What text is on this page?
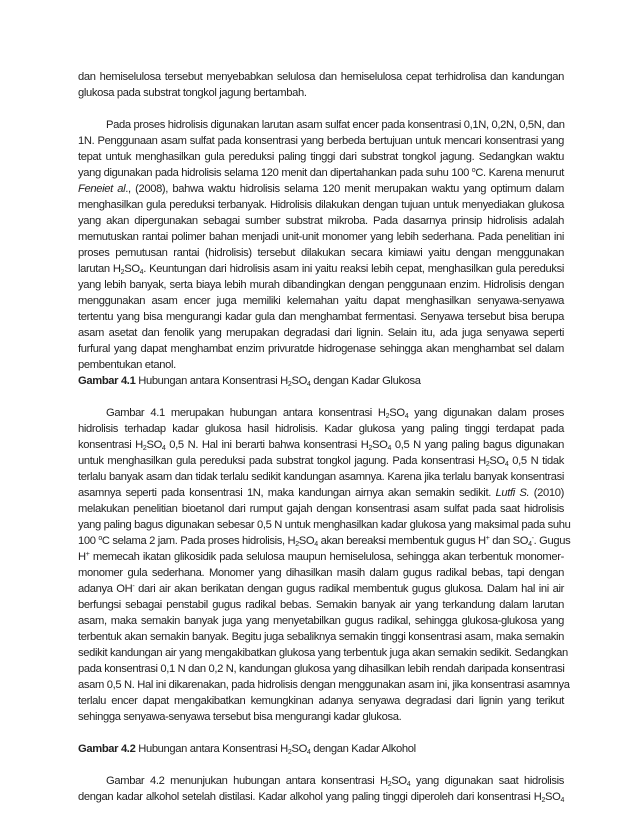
dan hemiselulosa tersebut menyebabkan selulosa dan hemiselulosa cepat terhidrolisa dan kandungan
glukosa pada substrat tongkol jagung bertambah.
Pada proses hidrolisis digunakan larutan asam sulfat encer pada konsentrasi 0,1N, 0,2N, 0,5N, dan
1N. Penggunaan asam sulfat pada konsentrasi yang berbeda bertujuan untuk mencari konsentrasi yang
tepat untuk menghasilkan gula pereduksi paling tinggi dari substrat tongkol jagung. Sedangkan waktu
yang digunakan pada hidrolisis selama 120 menit dan dipertahankan pada suhu 100 $^o$C. Karena menurut
Feneiet al., (2008), bahwa waktu hidrolisis selama 120 menit merupakan waktu yang optimum dalam
menghasilkan gula pereduksi terbanyak. Hidrolisis dilakukan dengan tujuan untuk menyediakan glukosa
yang akan dipergunakan sebagai sumber substrat mikroba. Pada dasarnya prinsip hidrolisis adalah
memutuskan rantai polimer bahan menjadi unit-unit monomer yang lebih sederhana. Pada penelitian ini
proses pemutusan rantai (hidrolisis) tersebut dilakukan secara kimiawi yaitu dengan menggunakan
larutan $H_2SO_4$. Keuntungan dari hidrolisis asam ini yaitu reaksi lebih cepat, menghasilkan gula pereduksi
yang lebih banyak, serta biaya lebih murah dibandingkan dengan penggunaan enzim. Hidrolisis dengan
menggunakan asam encer juga memiliki kelemahan yaitu dapat menghasilkan senyawa-senyawa
tertentu yang bisa mengurangi kadar gula dan menghambat fermentasi. Senyawa tersebut bisa berupa
asam asetat dan fenolik yang merupakan degradasi dari lignin. Selain itu, ada juga senyawa seperti
furfural yang dapat menghambat enzim privuratde hidrogenase sehingga akan menghambat sel dalam
pembentukan etanol.
Gambar 4.1 Hubungan antara Konsentrasi $H_2SO_4$ dengan Kadar Glukosa
Gambar 4.1 merupakan hubungan antara konsentrasi $H_2SO_4$ yang digunakan dalam proses
hidrolisis terhadap kadar glukosa hasil hidrolisis. Kadar glukosa yang paling tinggi terdapat pada
konsentrasi $H_2SO_4$ 0,5 N. Hal ini berarti bahwa konsentrasi $H_2SO_4$ 0,5 N yang paling bagus digunakan
untuk menghasilkan gula pereduksi pada substrat tongkol jagung. Pada konsentrasi $H_2SO_4$ 0,5 N tidak
terlalu banyak asam dan tidak terlalu sedikit kandungan asamnya. Karena jika terlalu banyak konsentrasi
asamnya seperti pada konsentrasi 1N, maka kandungan airnya akan semakin sedikit. Lutfi S. (2010)
melakukan penelitian bioetanol dari rumput gajah dengan konsentrasi asam sulfat pada saat hidrolisis
yang paling bagus digunakan sebesar 0,5 N untuk menghasilkan kadar glukosa yang maksimal pada suhu
100 $^o$C selama 2 jam. Pada proses hidrolisis, $H_2SO_4$ akan bereaksi membentuk gugus H+ dan $SO_4^-$. Gugus
H+ memecah ikatan glikosidik pada selulosa maupun hemiselulosa, sehingga akan terbentuk monomer-
monomer gula sederhana. Monomer yang dihasilkan masih dalam gugus radikal bebas, tapi dengan
adanya OH- dari air akan berikatan dengan gugus radikal membentuk gugus glukosa. Dalam hal ini air
berfungsi sebagai penstabil gugus radikal bebas. Semakin banyak air yang terkandung dalam larutan
asam, maka semakin banyak juga yang menyetabilkan gugus radikal, sehingga glukosa-glukosa yang
terbentuk akan semakin banyak. Begitu juga sebaliknya semakin tinggi konsentrasi asam, maka semakin
sedikit kandungan air yang mengakibatkan glukosa yang terbentuk juga akan semakin sedikit. Sedangkan
pada konsentrasi 0,1 N dan 0,2 N, kandungan glukosa yang dihasilkan lebih rendah daripada konsentrasi
asam 0,5 N. Hal ini dikarenakan, pada hidrolisis dengan menggunakan asam ini, jika konsentrasi asamnya
terlalu encer dapat mengakibatkan kemungkinan adanya senyawa degradasi dari lignin yang terikut
sehingga senyawa-senyawa tersebut bisa mengurangi kadar glukosa.
Gambar 4.2 Hubungan antara Konsentrasi $H_2SO_4$ dengan Kadar Alkohol
Gambar 4.2 menunjukan hubungan antara konsentrasi $H_2SO_4$ yang digunakan saat hidrolisis
dengan kadar alkohol setelah distilasi. Kadar alkohol yang paling tinggi diperoleh dari konsentrasi $H_2SO_4$
